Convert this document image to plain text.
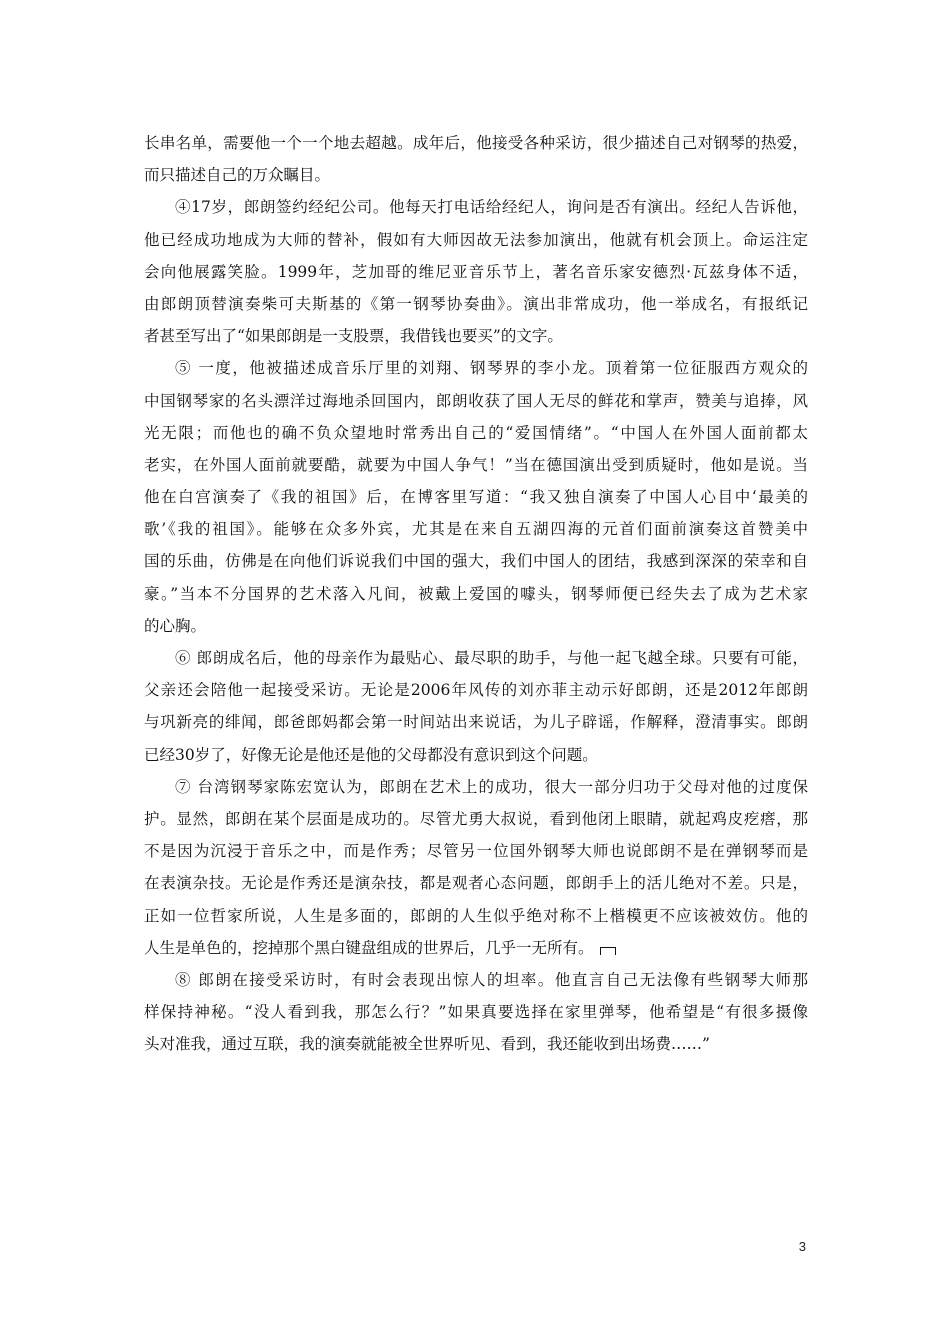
长串名单，需要他一个一个地去超越。成年后，他接受各种采访，很少描述自己对钢琴的热爱，
而只描述自己的万众瞩目。
④17岁，郎朗签约经纪公司。他每天打电话给经纪人，询问是否有演出。经纪人告诉他，
他已经成功地成为大师的替补，假如有大师因故无法参加演出，他就有机会顶上。命运注定
会向他展露笑脸。1999年，芝加哥的维尼亚音乐节上，著名音乐家安德烈·瓦兹身体不适，
由郎朗顶替演奏柴可夫斯基的《第一钢琴协奏曲》。演出非常成功，他一举成名，有报纸记
者甚至写出了“如果郎朗是一支股票，我借钱也要买”的文字。
⑤ 一度，他被描述成音乐厅里的刘翔、钢琴界的李小龙。顶着第一位征服西方观众的
中国钢琴家的名头漂洋过海地杀回国内，郎朗收获了国人无尽的鲜花和掌声，赞美与追捧，风
光无限；而他也的确不负众望地时常秀出自己的“爱国情绪”。“中国人在外国人面前都太
老实，在外国人面前就要酷，就要为中国人争气！”当在德国演出受到质疑时，他如是说。当
他在白宫演奏了《我的祖国》后，在博客里写道：“我又独自演奏了中国人心目中‘最美的
歌’《我的祖国》。能够在众多外宾，尤其是在来自五湖四海的元首们面前演奏这首赞美中
国的乐曲，仿佛是在向他们诉说我们中国的强大，我们中国人的团结，我感到深深的荣幸和自
豪。”当本不分国界的艺术落入凡间，被戴上爱国的噱头，钢琴师便已经失去了成为艺术家
的心胸。
⑥ 郎朗成名后，他的母亲作为最贴心、最尽职的助手，与他一起飞越全球。只要有可能，
父亲还会陪他一起接受采访。无论是2006年风传的刘亦菲主动示好郎朗，还是2012年郎朗
与巩新亮的绯闻，郎爸郎妈都会第一时间站出来说话，为儿子辟谣，作解释，澄清事实。郎朗
已经30岁了，好像无论是他还是他的父母都没有意识到这个问题。
⑦ 台湾钢琴家陈宏宽认为，郎朗在艺术上的成功，很大一部分归功于父母对他的过度保
护。显然，郎朗在某个层面是成功的。尽管尤勇大叔说，看到他闭上眼睛，就起鸡皮疙瘩，那
不是因为沉浸于音乐之中，而是作秀；尽管另一位国外钢琴大师也说郎朗不是在弹钢琴而是
在表演杂技。无论是作秀还是演杂技，都是观者心态问题，郎朗手上的活儿绝对不差。只是，
正如一位哲家所说，人生是多面的，郎朗的人生似乎绝对称不上楷模更不应该被效仿。他的
人生是单色的，挖掉那个黑白键盘组成的世界后，几乎一无所有。
⑧ 郎朗在接受采访时，有时会表现出惊人的坦率。他直言自己无法像有些钢琴大师那
样保持神秘。“没人看到我，那怎么行？”如果真要选择在家里弹琴，他希望是“有很多摄像
头对准我，通过互联，我的演奏就能被全世界听见、看到，我还能收到出场费……”
3
